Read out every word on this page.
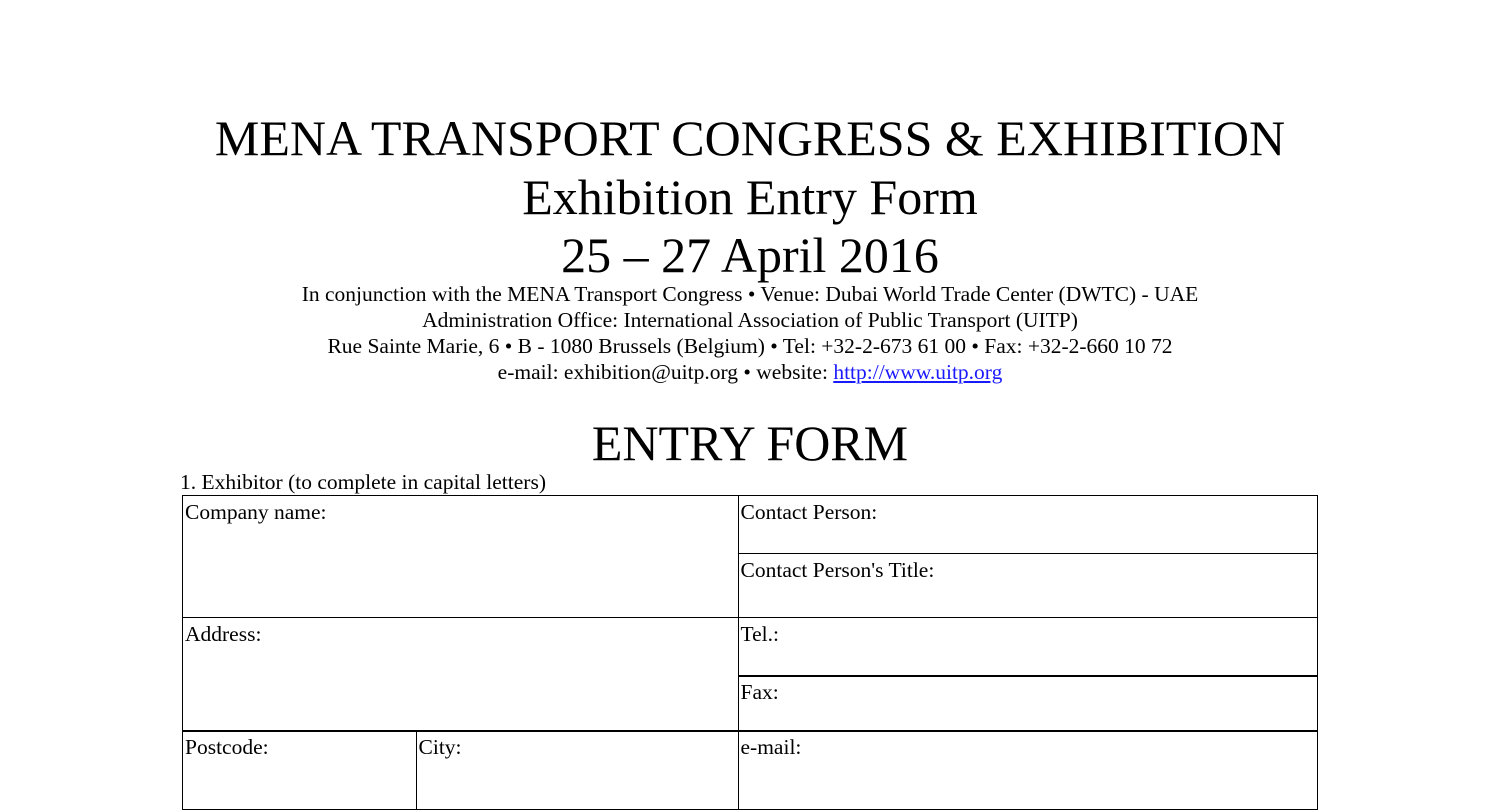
MENA TRANSPORT CONGRESS & EXHIBITION
Exhibition Entry Form
25 – 27 April 2016
In conjunction with the MENA Transport Congress • Venue: Dubai World Trade Center (DWTC) - UAE
Administration Office: International Association of Public Transport (UITP)
Rue Sainte Marie, 6 • B - 1080 Brussels (Belgium) • Tel: +32-2-673 61 00 • Fax: +32-2-660 10 72
e-mail: exhibition@uitp.org • website: http://www.uitp.org
ENTRY FORM
1. Exhibitor (to complete in capital letters)
Company name:
Address:
Postcode:	City:
Contact Person:
Contact Person's Title:
Tel.:
Fax:
e-mail:
